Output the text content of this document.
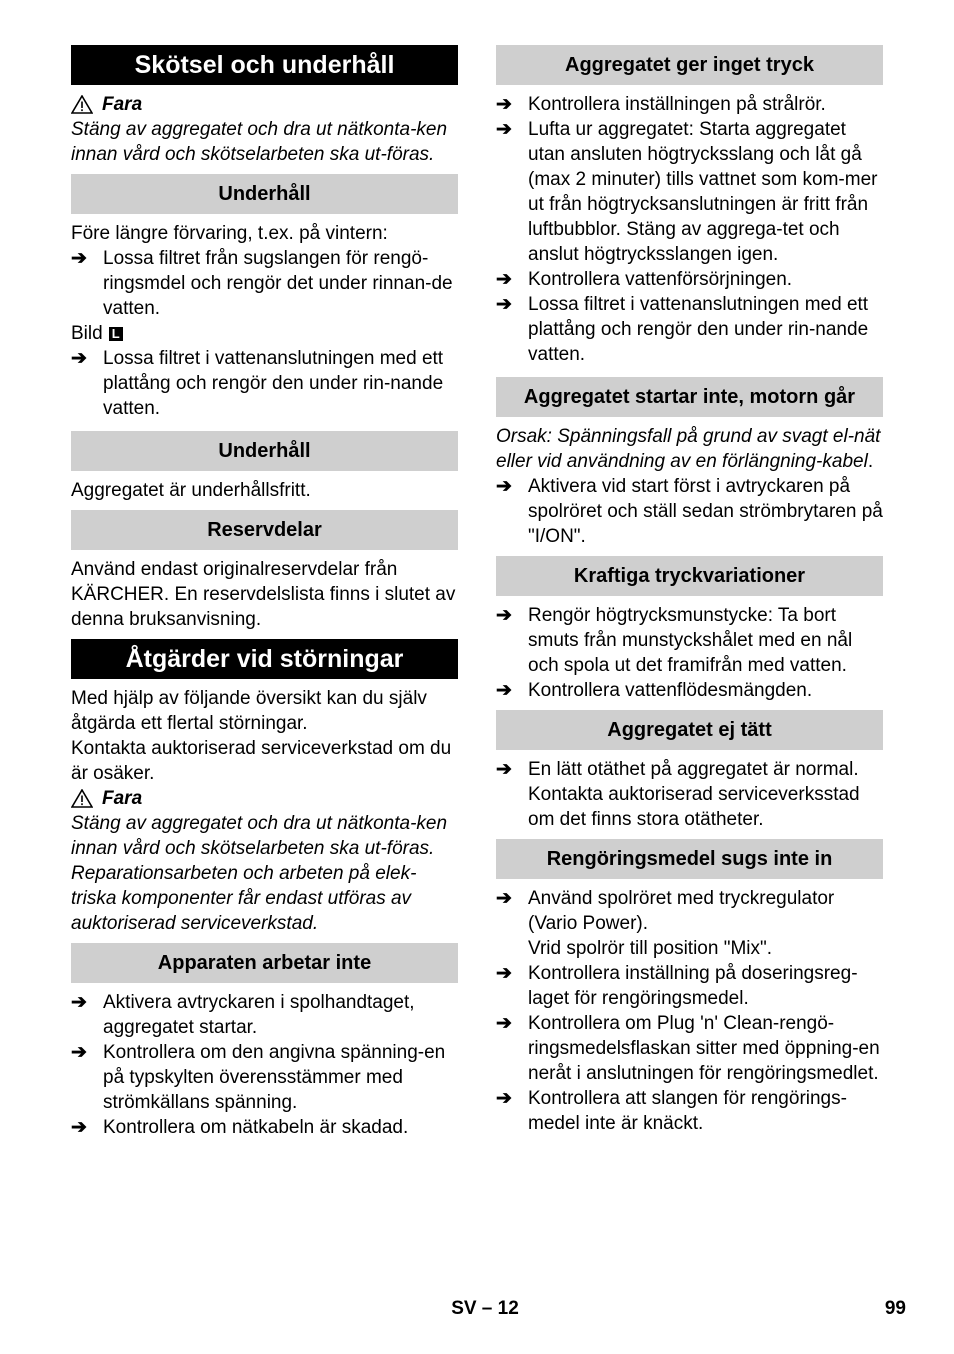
Skötsel och underhåll
Fara
Stäng av aggregatet och dra ut nätkonta-ken innan vård och skötselarbeten ska ut-föras.
Underhåll
Före längre förvaring, t.ex. på vintern:
➔ Lossa filtret från sugslangen för rengö-ringsmdel och rengör det under rinnan-de vatten.
Bild L
➔ Lossa filtret i vattenanslutningen med ett plattång och rengör den under rin-nande vatten.
Underhåll
Aggregatet är underhållsfritt.
Reservdelar
Använd endast originalreservdelar från KÄRCHER. En reservdelslista finns i slutet av denna bruksanvisning.
Åtgärder vid störningar
Med hjälp av följande översikt kan du själv åtgärda ett flertal störningar.
Kontakta auktoriserad serviceverkstad om du är osäker.
Fara
Stäng av aggregatet och dra ut nätkonta-ken innan vård och skötselarbeten ska ut-föras.
Reparationsarbeten och arbeten på elek-triska komponenter får endast utföras av auktoriserad serviceverkstad.
Apparaten arbetar inte
➔ Aktivera avtryckaren i spolhandtaget, aggregatet startar.
➔ Kontrollera om den angivna spänning-en på typskylten överensstämmer med strömkällans spänning.
➔ Kontrollera om nätkabeln är skadad.
Aggregatet ger inget tryck
➔ Kontrollera inställningen på strålrör.
➔ Lufta ur aggregatet: Starta aggregatet utan ansluten högtrycksslang och låt gå (max 2 minuter) tills vattnet som kom-mer ut från högtrycksanslutningen är fritt från luftbubblor. Stäng av aggrega-tet och anslut högtrycksslangen igen.
➔ Kontrollera vattenförsörjningen.
➔ Lossa filtret i vattenanslutningen med ett plattång och rengör den under rin-nande vatten.
Aggregatet startar inte, motorn går
Orsak: Spänningsfall på grund av svagt el-nät eller vid användning av en förlängning-kabel.
➔ Aktivera vid start först i avtryckaren på spolröret och ställ sedan strömbrytaren på "I/ON".
Kraftiga tryckvariationer
➔ Rengör högtrycksmunstycke: Ta bort smuts från munstyckshålet med en nål och spola ut det framifrån med vatten.
➔ Kontrollera vattenflödesmängden.
Aggregatet ej tätt
➔ En lätt otäthet på aggregatet är normal. Kontakta auktoriserad serviceverksstad om det finns stora otätheter.
Rengöringsmedel sugs inte in
➔ Använd spolröret med tryckregulator (Vario Power).
Vrid spolrör till position "Mix".
➔ Kontrollera inställning på doseringsreg-laget för rengöringsmedel.
➔ Kontrollera om Plug 'n' Clean-rengö-ringsmedelsflaskan sitter med öppning-en neråt i anslutningen för rengöringsmedlet.
➔ Kontrollera att slangen för rengörings-medel inte är knäckt.
SV – 12	99
